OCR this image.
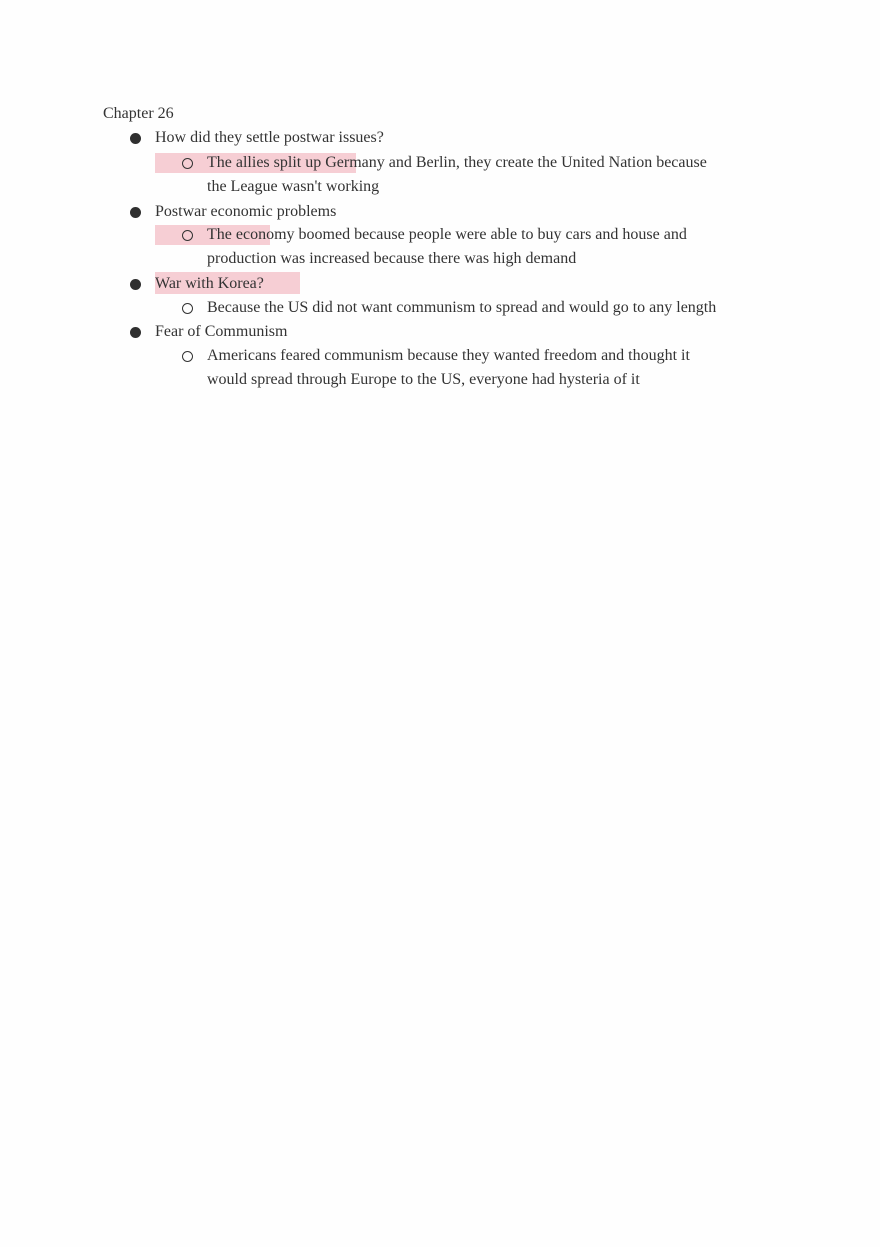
Chapter 26
How did they settle postwar issues?
The allies split up Germany and Berlin, they create the United Nation because
the League wasn't working
Postwar economic problems
The economy boomed because people were able to buy cars and house and
production was increased because there was high demand
War with Korea?
Because the US did not want communism to spread and would go to any length
Fear of Communism
Americans feared communism because they wanted freedom and thought it
would spread through Europe to the US, everyone had hysteria of it
